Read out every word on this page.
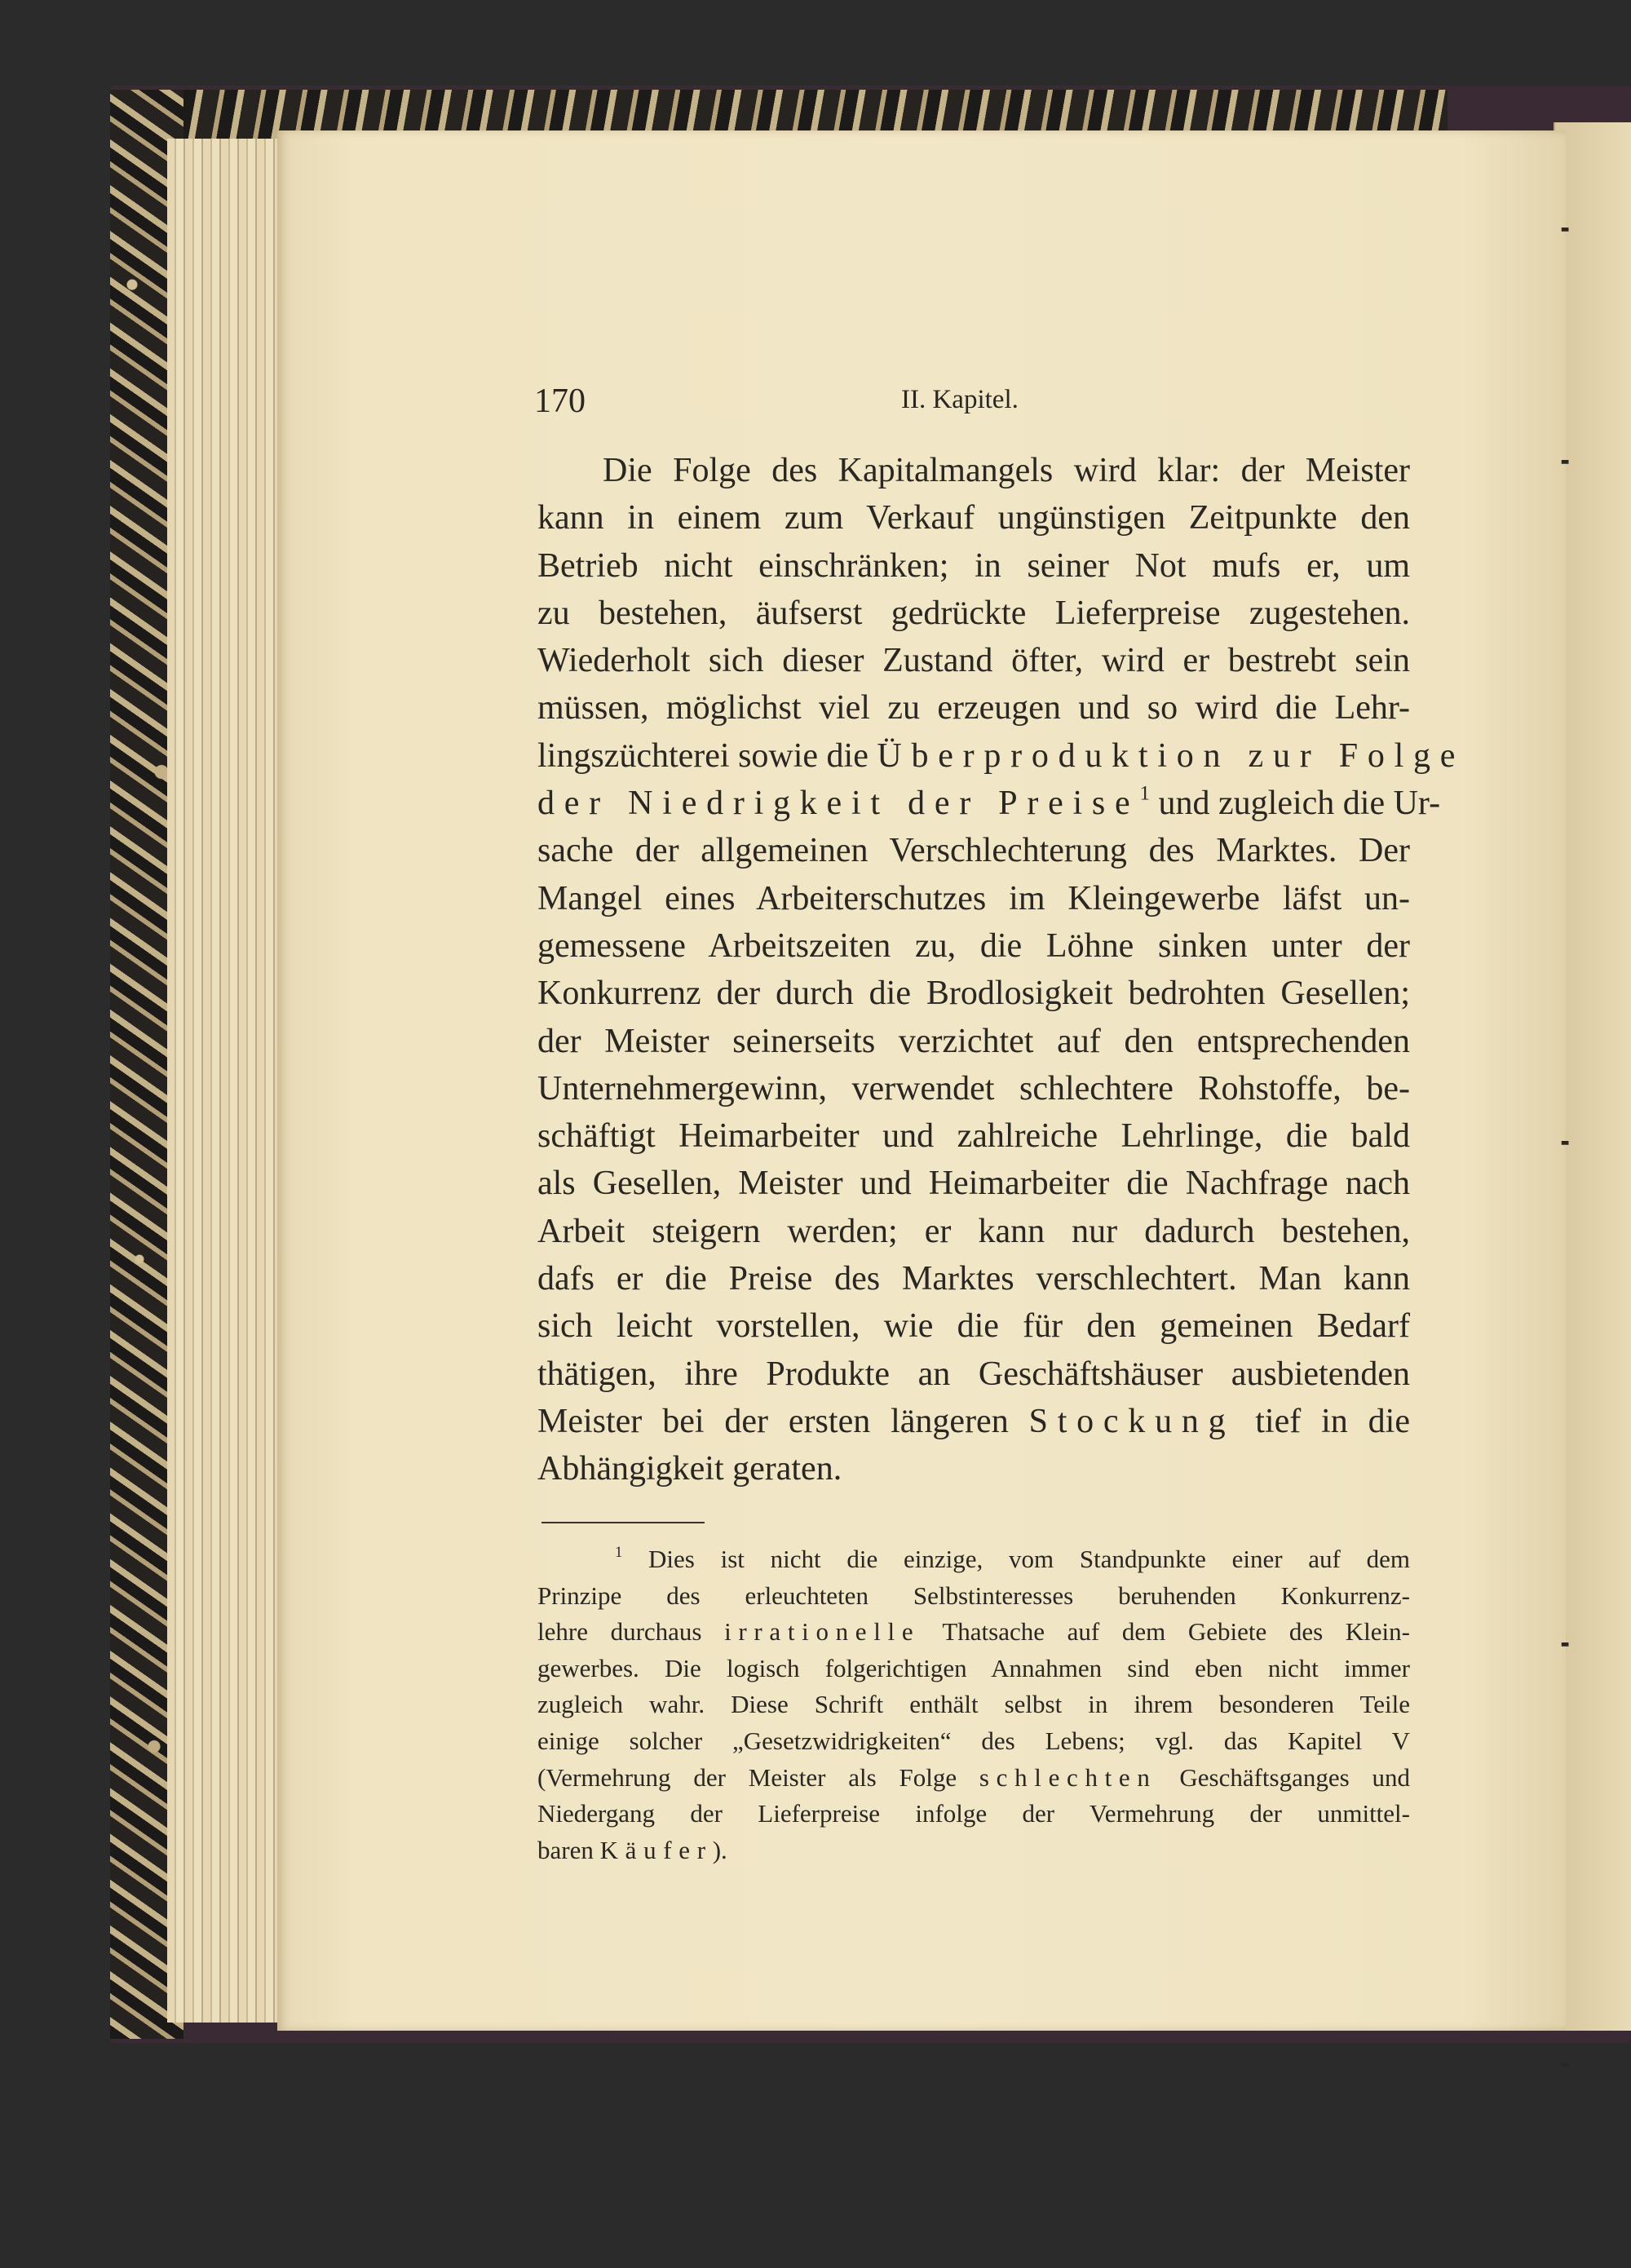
170	II. Kapitel.
Die Folge des Kapitalmangels wird klar: der Meister
kann in einem zum Verkauf ungünstigen Zeitpunkte den
Betrieb nicht einschränken; in seiner Not mufs er, um
zu bestehen, äufserst gedrückte Lieferpreise zugestehen.
Wiederholt sich dieser Zustand öfter, wird er bestrebt sein
müssen, möglichst viel zu erzeugen und so wird die Lehr-
lingszüchterei sowie die Überproduktion zur Folge
der Niedrigkeit der Preise$^1$ und zugleich die Ur-
sache der allgemeinen Verschlechterung des Marktes. Der
Mangel eines Arbeiterschutzes im Kleingewerbe läfst un-
gemessene Arbeitszeiten zu, die Löhne sinken unter der
Konkurrenz der durch die Brodlosigkeit bedrohten Gesellen;
der Meister seinerseits verzichtet auf den entsprechenden
Unternehmergewinn, verwendet schlechtere Rohstoffe, be-
schäftigt Heimarbeiter und zahlreiche Lehrlinge, die bald
als Gesellen, Meister und Heimarbeiter die Nachfrage nach
Arbeit steigern werden; er kann nur dadurch bestehen,
dafs er die Preise des Marktes verschlechtert. Man kann
sich leicht vorstellen, wie die für den gemeinen Bedarf
thätigen, ihre Produkte an Geschäftshäuser ausbietenden
Meister bei der ersten längeren Stockung tief in die
Abhängigkeit geraten.
$^1$ Dies ist nicht die einzige, vom Standpunkte einer auf dem
Prinzipe des erleuchteten Selbstinteresses beruhenden Konkurrenz-
lehre durchaus irrationelle Thatsache auf dem Gebiete des Klein-
gewerbes. Die logisch folgerichtigen Annahmen sind eben nicht immer
zugleich wahr. Diese Schrift enthält selbst in ihrem besonderen Teile
einige solcher „Gesetzwidrigkeiten“ des Lebens; vgl. das Kapitel V
(Vermehrung der Meister als Folge schlechten Geschäftsganges und
Niedergang der Lieferpreise infolge der Vermehrung der unmittel-
baren Käufer).
╸
╸
╸
╸
╸
